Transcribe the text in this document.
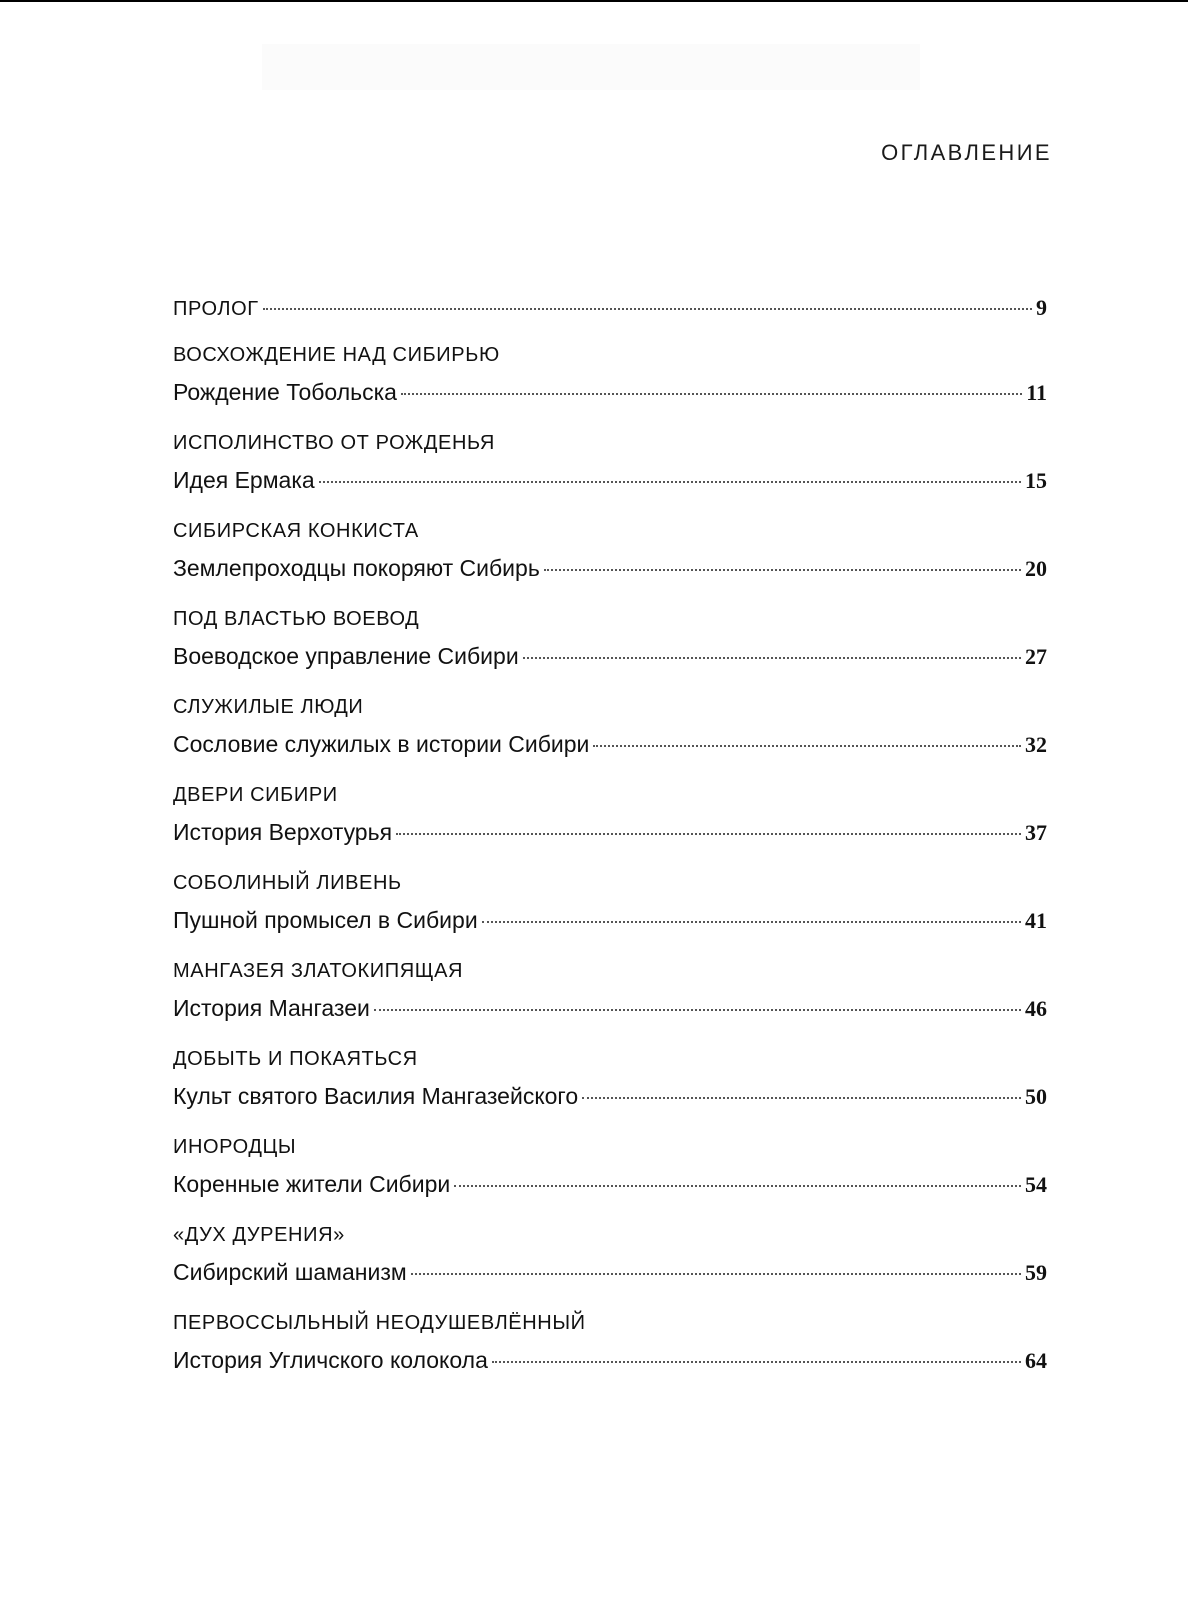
ОГЛАВЛЕНИЕ
ПРОЛОГ	9
ВОСХОЖДЕНИЕ НАД СИБИРЬЮ
Рождение Тобольска	11
ИСПОЛИНСТВО ОТ РОЖДЕНЬЯ
Идея Ермака	15
СИБИРСКАЯ КОНКИСТА
Землепроходцы покоряют Сибирь	20
ПОД ВЛАСТЬЮ ВОЕВОД
Воеводское управление Сибири	27
СЛУЖИЛЫЕ ЛЮДИ
Сословие служилых в истории Сибири	32
ДВЕРИ СИБИРИ
История Верхотурья	37
СОБОЛИНЫЙ ЛИВЕНЬ
Пушной промысел в Сибири	41
МАНГАЗЕЯ ЗЛАТОКИПЯЩАЯ
История Мангазеи	46
ДОБЫТЬ И ПОКАЯТЬСЯ
Культ святого Василия Мангазейского	50
ИНОРОДЦЫ
Коренные жители Сибири	54
«ДУХ ДУРЕНИЯ»
Сибирский шаманизм	59
ПЕРВОССЫЛЬНЫЙ НЕОДУШЕВЛЁННЫЙ
История Угличского колокола	64
